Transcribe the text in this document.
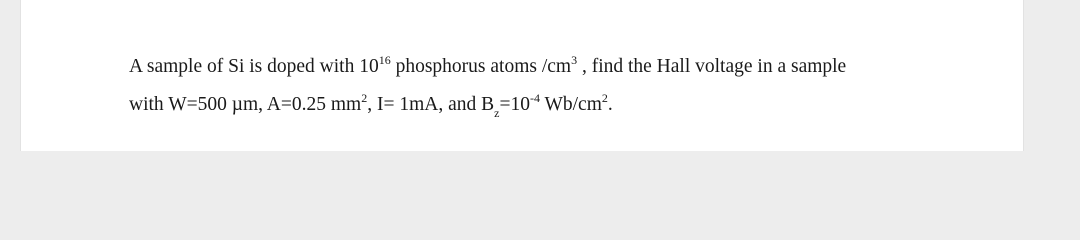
A sample of Si is doped with $10^{16}$ phosphorus atoms $/cm^3$ , find the Hall voltage in a sample
with W=500 µm, A=0.25 $mm^2$, I= 1mA, and $B_z=10^{-4}$ $Wb/cm^2$.
